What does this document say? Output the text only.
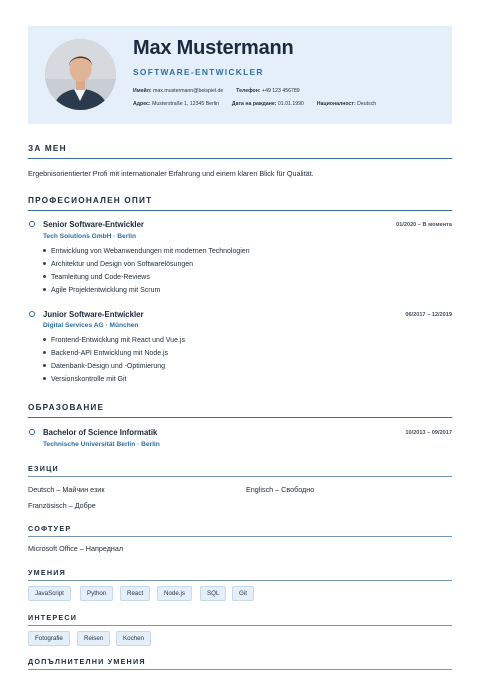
Max Mustermann
SOFTWARE-ENTWICKLER
Имейл: max.mustermann@beispiel.de Телефон: +49 123 456789
Адрес: Musterstraße 1, 12345 Berlin Дата на раждане: 01.01.1990 Националност: Deutsch
ЗА МЕН
Ergebnisorientierter Profi mit internationaler Erfahrung und einem klaren Blick für Qualität.
ПРОФЕСИОНАЛЕН ОПИТ
Senior Software-Entwickler	01/2020 – В момента
Tech Solutions GmbH · Berlin
Entwicklung von Webanwendungen mit modernen Technologien
Architektur und Design von Softwarelösungen
Teamleitung und Code-Reviews
Agile Projektentwicklung mit Scrum
Junior Software-Entwickler	06/2017 – 12/2019
Digital Services AG · München
Frontend-Entwicklung mit React und Vue.js
Backend-API Entwicklung mit Node.js
Datenbank-Design und -Optimierung
Versionskontrolle mit Git
ОБРАЗОВАНИЕ
Bachelor of Science Informatik	10/2013 – 09/2017
Technische Universität Berlin · Berlin
ЕЗИЦИ
Deutsch – Майчин език	Englisch – Свободно
Französisch – Добре
СОФТУЕР
Microsoft Office – Напреднал
УМЕНИЯ
JavaScript	Python	React	Node.js	SQL	Git
ИНТЕРЕСИ
Fotografie	Reisen	Kochen
ДОПЪЛНИТЕЛНИ УМЕНИЯ
